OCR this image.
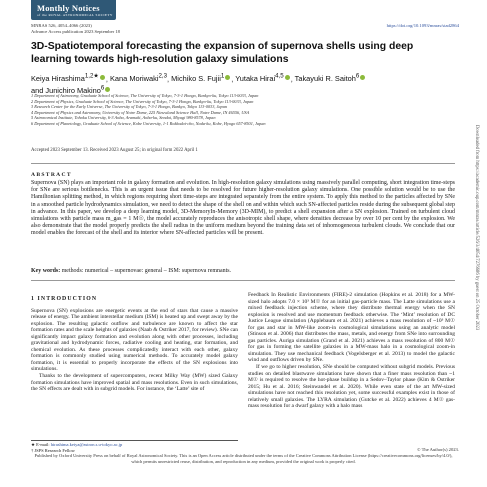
Monthly Notices
of the ROYAL ASTRONOMICAL SOCIETY
MNRAS 526, 4054–4066 (2023)
Advance Access publication 2023 September 18
https://doi.org/10.1093/mnras/stad2864
3D-Spatiotemporal forecasting the expansion of supernova shells using deep learning towards high-resolution galaxy simulations
Keiya Hirashima$^{1,2★}$ , Kana Moriwaki$^{2,3}$, Michiko S. Fujii$^1$ , Yutaka Hirai$^{4,5}$ , Takayuki R. Saitoh$^6$
and Junichiro Makino$^6$
1 Department of Astronomy, Graduate School of Science, The University of Tokyo, 7-3-1 Hongo, Bunkyo-ku, Tokyo 113-0033, Japan
2 Department of Physics, Graduate School of Science, The University of Tokyo, 7-3-1 Hongo, Bunkyo-ku, Tokyo 113-0033, Japan
3 Research Center for the Early Universe, The University of Tokyo, 7-3-1 Hongo, Bunkyo, Tokyo 113-0033, Japan
4 Department of Physics and Astronomy, University of Notre Dame, 225 Nieuwland Science Hall, Notre Dame, IN 46556, USA
5 Astronomical Institute, Tohoku University, 6-3 Aoba, Aramaki, Aoba-ku, Sendai, Miyagi 980-8578, Japan
6 Department of Planetology, Graduate School of Science, Kobe University, 1-1 Rokkodai-cho, Nada-ku, Kobe, Hyogo 657-8501, Japan
Accepted 2023 September 13. Received 2023 August 25; in original form 2022 April 1
ABSTRACT
Supernova (SN) plays an important role in galaxy formation and evolution. In high-resolution galaxy simulations using massively parallel computing, short integration time-steps for SNe are serious bottlenecks. This is an urgent issue that needs to be resolved for future higher-resolution galaxy simulations. One possible solution would be to use the Hamiltonian splitting method, in which regions requiring short time-steps are integrated separately from the entire system. To apply this method to the particles affected by SNe in a smoothed particle hydrodynamics simulation, we need to detect the shape of the shell on and within which such SN-affected particles reside during the subsequent global step in advance. In this paper, we develop a deep learning model, 3D-MemoryIn-Memory (3D-MIM), to predict a shell expansion after a SN explosion. Trained on turbulent cloud simulations with particle mass m_gas = 1 M☉, the model accurately reproduces the anisotropic shell shape, where densities decrease by over 10 per cent by the explosion. We also demonstrate that the model properly predicts the shell radius in the uniform medium beyond the training data set of inhomogeneous turbulent clouds. We conclude that our model enables the forecast of the shell and its interior where SN-affected particles will be present.
Key words: methods: numerical – supernovae: general – ISM: supernova remnants.
1 INTRODUCTION

Supernova (SN) explosions are energetic events at the end of stars that cause a massive release of energy. The ambient interstellar medium (ISM) is heated up and swept away by the explosion. The resulting galactic outflow and turbulence are known to affect the star formation rates and the scale heights of galaxies (Naab & Ostriker 2017, for review). SNe can significantly impact galaxy formation and evolution along with other processes, including gravitational and hydrodynamic forces, radiative cooling and heating, star formation, and chemical evolution. As these processes complicatedly interact with each other, galaxy formation is commonly studied using numerical methods. To accurately model galaxy formation, it is essential to properly incorporate the effects of the SN explosions into simulations.

Thanks to the development of supercomputers, recent Milky Way (MW) sized Galaxy formation simulations have improved spatial and mass resolutions. Even in such simulations, the SN effects are dealt with in subgrid models. For instance, the ‘Latte’ site of

Feedback In Realistic Environments (FIRE)-2 simulation (Hopkins et al. 2018) for a MW-sized halo adopts 7.0 × 10³ M☉ for an initial gas-particle mass. The Latte simulations use a mixed feedback injection scheme, where they distribute thermal energy when the SN explosion is resolved and use momentum feedback otherwise. The ‘Mint’ resolution of DC Justice League simulation (Applebaum et al. 2021) achieves a mass resolution of ~10³ M☉ for gas and star in MW-like zoom-in cosmological simulations using an analytic model (Stinson et al. 2006) that distributes the mass, metals, and energy from SNe into surrounding gas particles. Auriga simulation (Grand et al. 2021) achieves a mass resolution of 800 M☉ for gas in forming the satellite galaxies in a MW-mass halo in a cosmological zoom-in simulation. They use mechanical feedback (Vogelsberger et al. 2013) to model the galactic wind and outflows driven by SNe.

If we go to higher resolution, SNe should be computed without subgrid models. Previous studies on detailed blastwave simulations have shown that a finer mass resolution than ~1 M☉ is required to resolve the hot-phase buildup in a Sedov–Taylor phase (Kim & Ostriker 2015; Hu et al. 2016; Steinwandel et al. 2020). While even state of the art MW-sized simulations have not reached this resolution yet, some successful examples exist in those of relatively small galaxies. The LYRA simulation (Gutcke et al. 2022) achieves 4 M☉ gas-mass resolution for a dwarf galaxy with a halo mass

★ E-mail: hirashima.keiya@astron.s.u-tokyo.ac.jp
† JSPS Research Fellow	© The Author(s) 2023.
Published by Oxford University Press on behalf of Royal Astronomical Society. This is an Open Access article distributed under the terms of the Creative Commons Attribution License (https://creativecommons.org/licenses/by/4.0/), which permits unrestricted reuse, distribution, and reproduction in any medium, provided the original work is properly cited.
Downloaded from https://academic.oup.com/mnras/article/526/3/4054/7276686 by guest on 25 October 2023
